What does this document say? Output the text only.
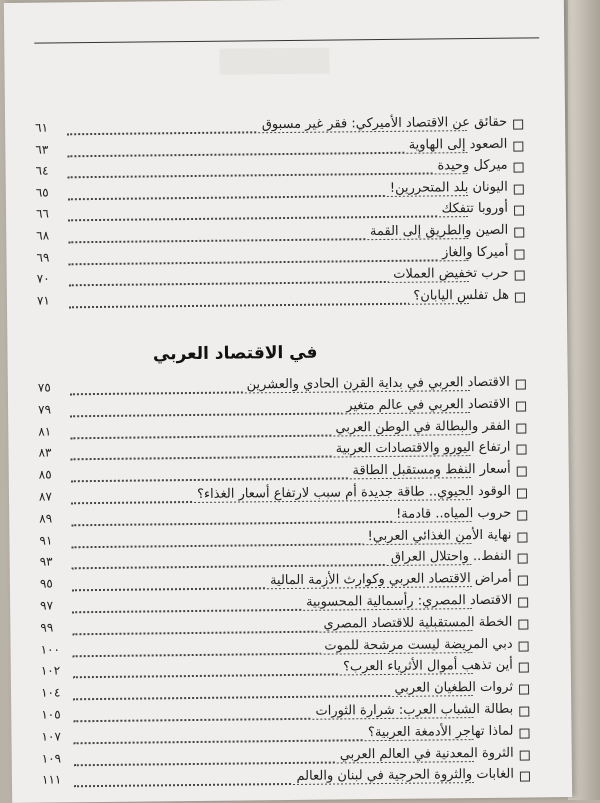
٦١	حقائق عن الاقتصاد الأميركي: فقر غير مسبوق
٦٣	الصعود إلى الهاوية
٦٤	ميركل وحيدة
٦٥	اليونان بلد المتحررين!
٦٦	أوروبا تتفكك
٦٨	الصين والطريق إلى القمة
٦٩	أميركا والغاز
٧٠	حرب تخفيض العملات
٧١	هل تفلس اليابان؟
في الاقتصاد العربي
٧٥	الاقتصاد العربي في بداية القرن الحادي والعشرين
٧٩	الاقتصاد العربي في عالم متغير
٨١	الفقر والبطالة في الوطن العربي
٨٣	ارتفاع اليورو والاقتصادات العربية
٨٥	أسعار النفط ومستقبل الطاقة
٨٧	الوقود الحيوي.. طاقة جديدة أم سبب لارتفاع أسعار الغذاء؟
٨٩	حروب المياه.. قادمة!
٩١	نهاية الأمن الغذائي العربي!
٩٣	النفط.. واحتلال العراق
٩٥	أمراض الاقتصاد العربي وكوارث الأزمة المالية
٩٧	الاقتصاد المصري: رأسمالية المحسوبية
٩٩	الخطة المستقبلية للاقتصاد المصري
١٠٠	دبي المريضة ليست مرشحة للموت
١٠٢	أين تذهب أموال الأثرياء العرب؟
١٠٤	ثروات الطغيان العربي
١٠٥	بطالة الشباب العرب: شرارة الثورات
١٠٧	لماذا تهاجر الأدمغة العربية؟
١٠٩	الثروة المعدنية في العالم العربي
١١١	الغابات والثروة الحرجية في لبنان والعالم
